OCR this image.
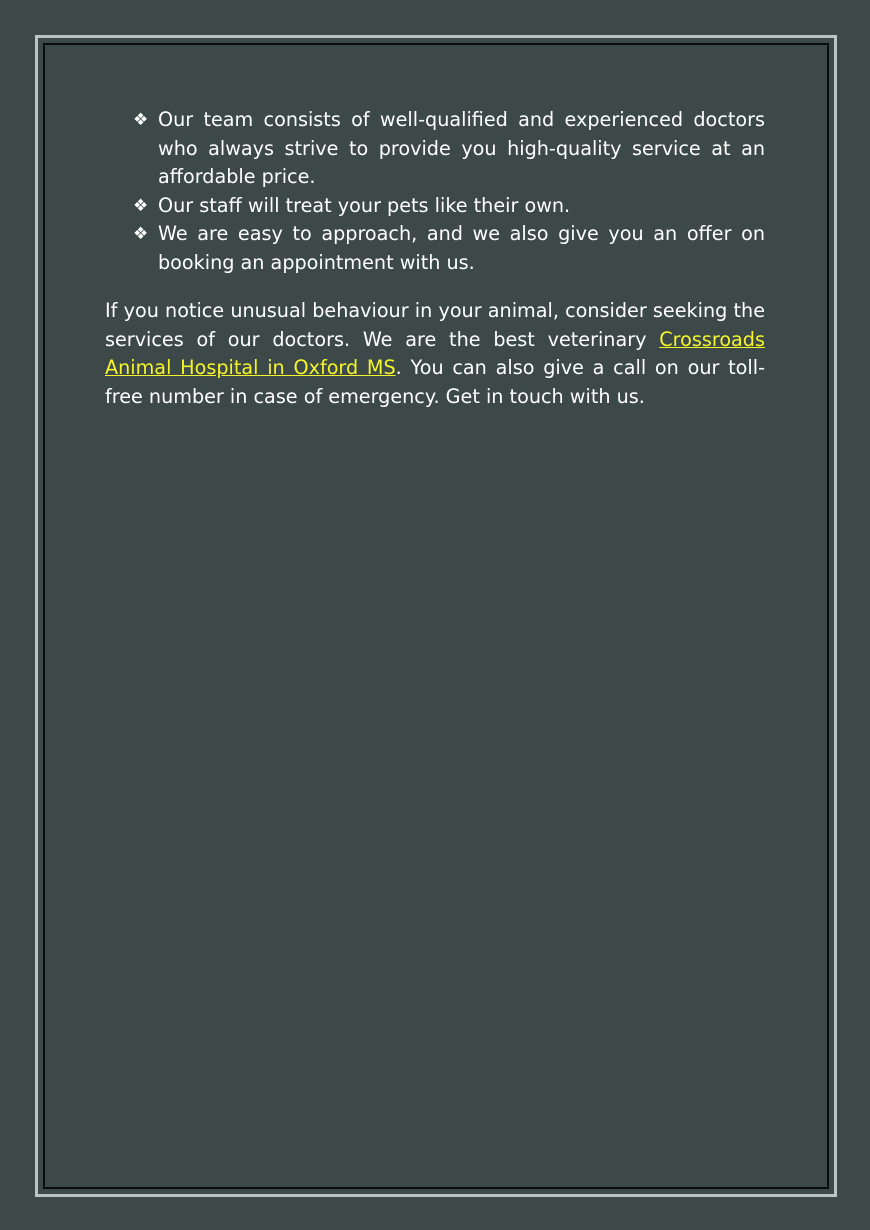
❖ Our team consists of well-qualified and experienced doctors who always strive to provide you high-quality service at an affordable price.
❖ Our staff will treat your pets like their own.
❖ We are easy to approach, and we also give you an offer on booking an appointment with us.

If you notice unusual behaviour in your animal, consider seeking the services of our doctors. We are the best veterinary Crossroads Animal Hospital in Oxford MS. You can also give a call on our toll-free number in case of emergency. Get in touch with us.
